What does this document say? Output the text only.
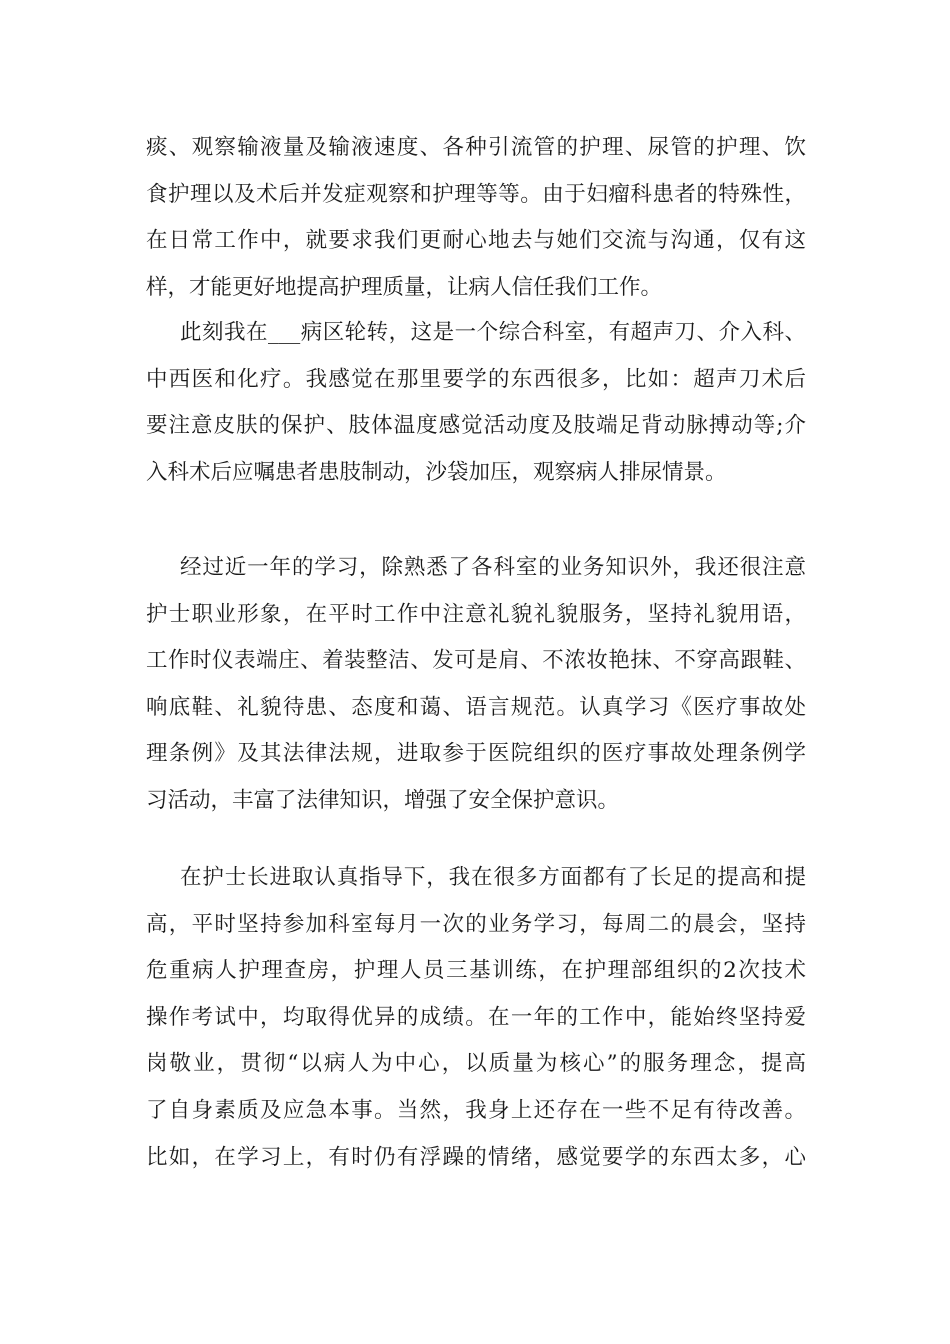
痰、观察输液量及输液速度、各种引流管的护理、尿管的护理、饮
食护理以及术后并发症观察和护理等等。由于妇瘤科患者的特殊性，
在日常工作中，就要求我们更耐心地去与她们交流与沟通，仅有这
样，才能更好地提高护理质量，让病人信任我们工作。
此刻我在___病区轮转，这是一个综合科室，有超声刀、介入科、
中西医和化疗。我感觉在那里要学的东西很多，比如：超声刀术后
要注意皮肤的保护、肢体温度感觉活动度及肢端足背动脉搏动等;介
入科术后应嘱患者患肢制动，沙袋加压，观察病人排尿情景。
经过近一年的学习，除熟悉了各科室的业务知识外，我还很注意
护士职业形象，在平时工作中注意礼貌礼貌服务，坚持礼貌用语，
工作时仪表端庄、着装整洁、发可是肩、不浓妆艳抹、不穿高跟鞋、
响底鞋、礼貌待患、态度和蔼、语言规范。认真学习《医疗事故处
理条例》及其法律法规，进取参于医院组织的医疗事故处理条例学
习活动，丰富了法律知识，增强了安全保护意识。
在护士长进取认真指导下，我在很多方面都有了长足的提高和提
高，平时坚持参加科室每月一次的业务学习，每周二的晨会，坚持
危重病人护理查房，护理人员三基训练，在护理部组织的2次技术
操作考试中，均取得优异的成绩。在一年的工作中，能始终坚持爱
岗敬业，贯彻“以病人为中心，以质量为核心”的服务理念，提高
了自身素质及应急本事。当然，我身上还存在一些不足有待改善。
比如，在学习上，有时仍有浮躁的情绪，感觉要学的东西太多，心
